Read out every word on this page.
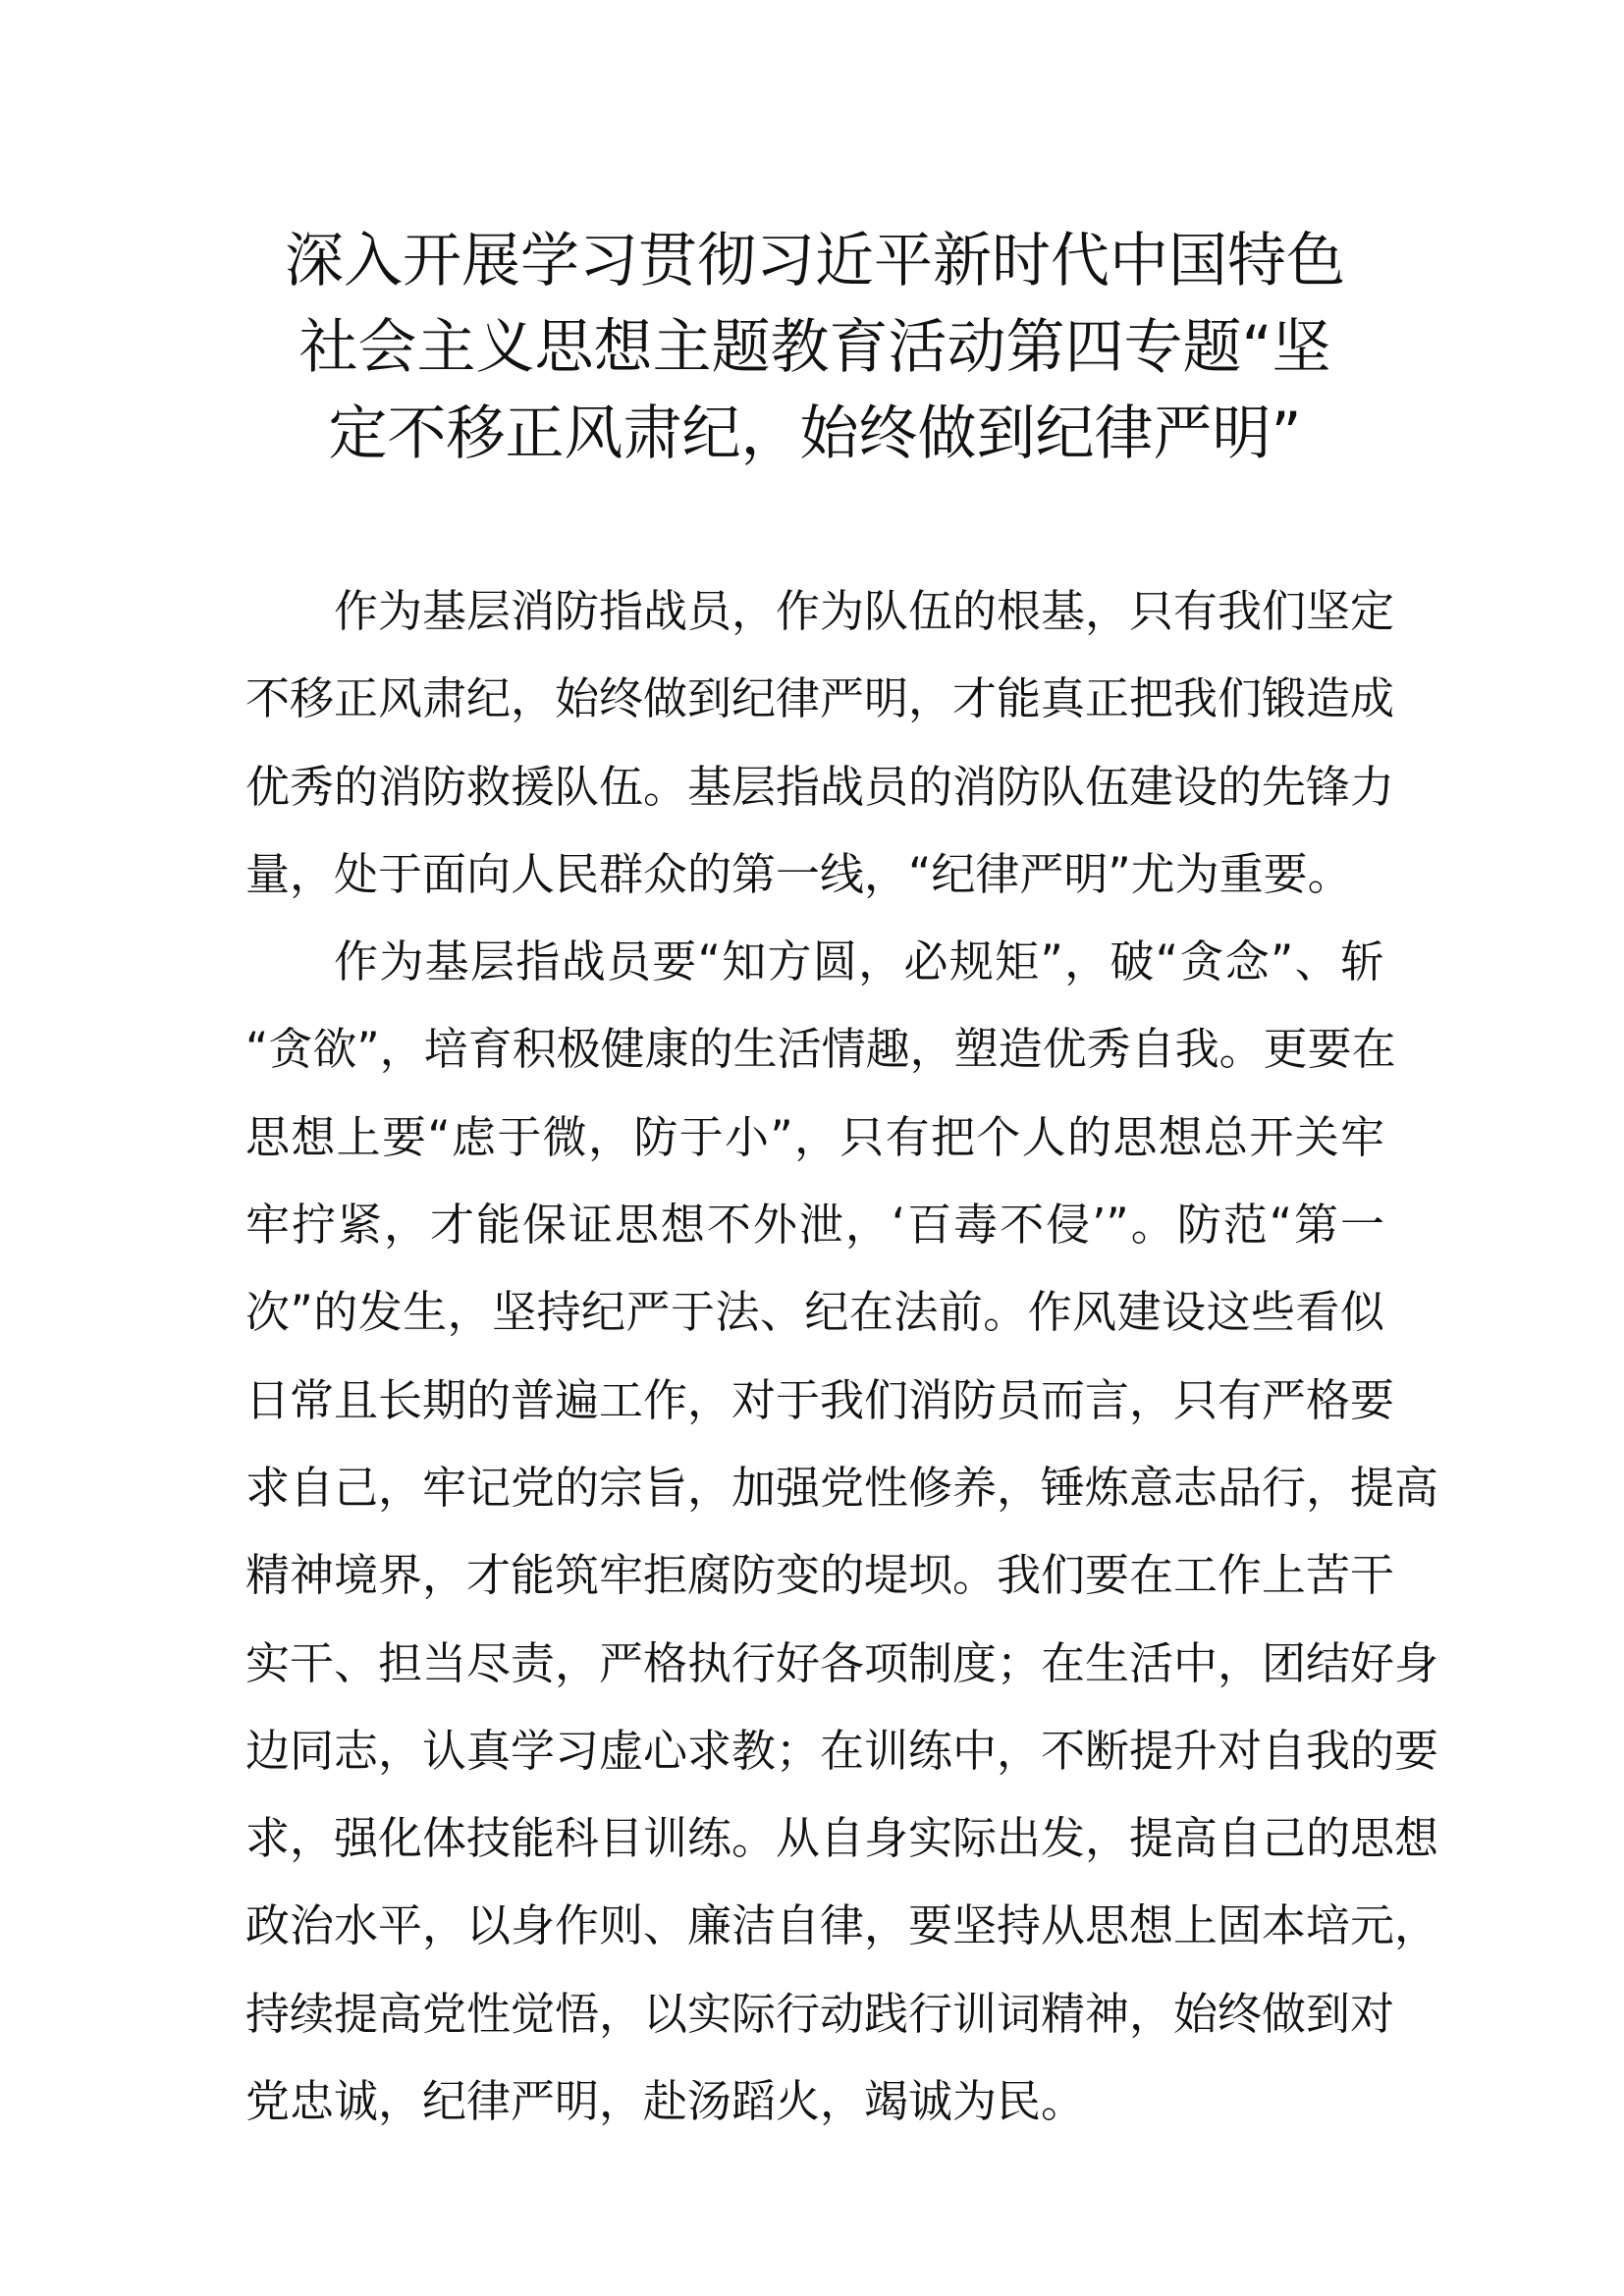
深入开展学习贯彻习近平新时代中国特色
社会主义思想主题教育活动第四专题“坚
定不移正风肃纪，始终做到纪律严明”

作为基层消防指战员，作为队伍的根基，只有我们坚定
不移正风肃纪，始终做到纪律严明，才能真正把我们锻造成
优秀的消防救援队伍。基层指战员的消防队伍建设的先锋力
量，处于面向人民群众的第一线，“纪律严明”尤为重要。

作为基层指战员要“知方圆，必规矩”，破“贪念”、斩
“贪欲”，培育积极健康的生活情趣，塑造优秀自我。更要在
思想上要“虑于微，防于小”，只有把个人的思想总开关牢
牢拧紧，才能保证思想不外泄，‘百毒不侵’”。防范“第一
次”的发生，坚持纪严于法、纪在法前。作风建设这些看似
日常且长期的普遍工作，对于我们消防员而言，只有严格要
求自己，牢记党的宗旨，加强党性修养，锤炼意志品行，提高
精神境界，才能筑牢拒腐防变的堤坝。我们要在工作上苦干
实干、担当尽责，严格执行好各项制度；在生活中，团结好身
边同志，认真学习虚心求教；在训练中，不断提升对自我的要
求，强化体技能科目训练。从自身实际出发，提高自己的思想
政治水平，以身作则、廉洁自律，要坚持从思想上固本培元，
持续提高党性觉悟，以实际行动践行训词精神，始终做到对
党忠诚，纪律严明，赴汤蹈火，竭诚为民。
